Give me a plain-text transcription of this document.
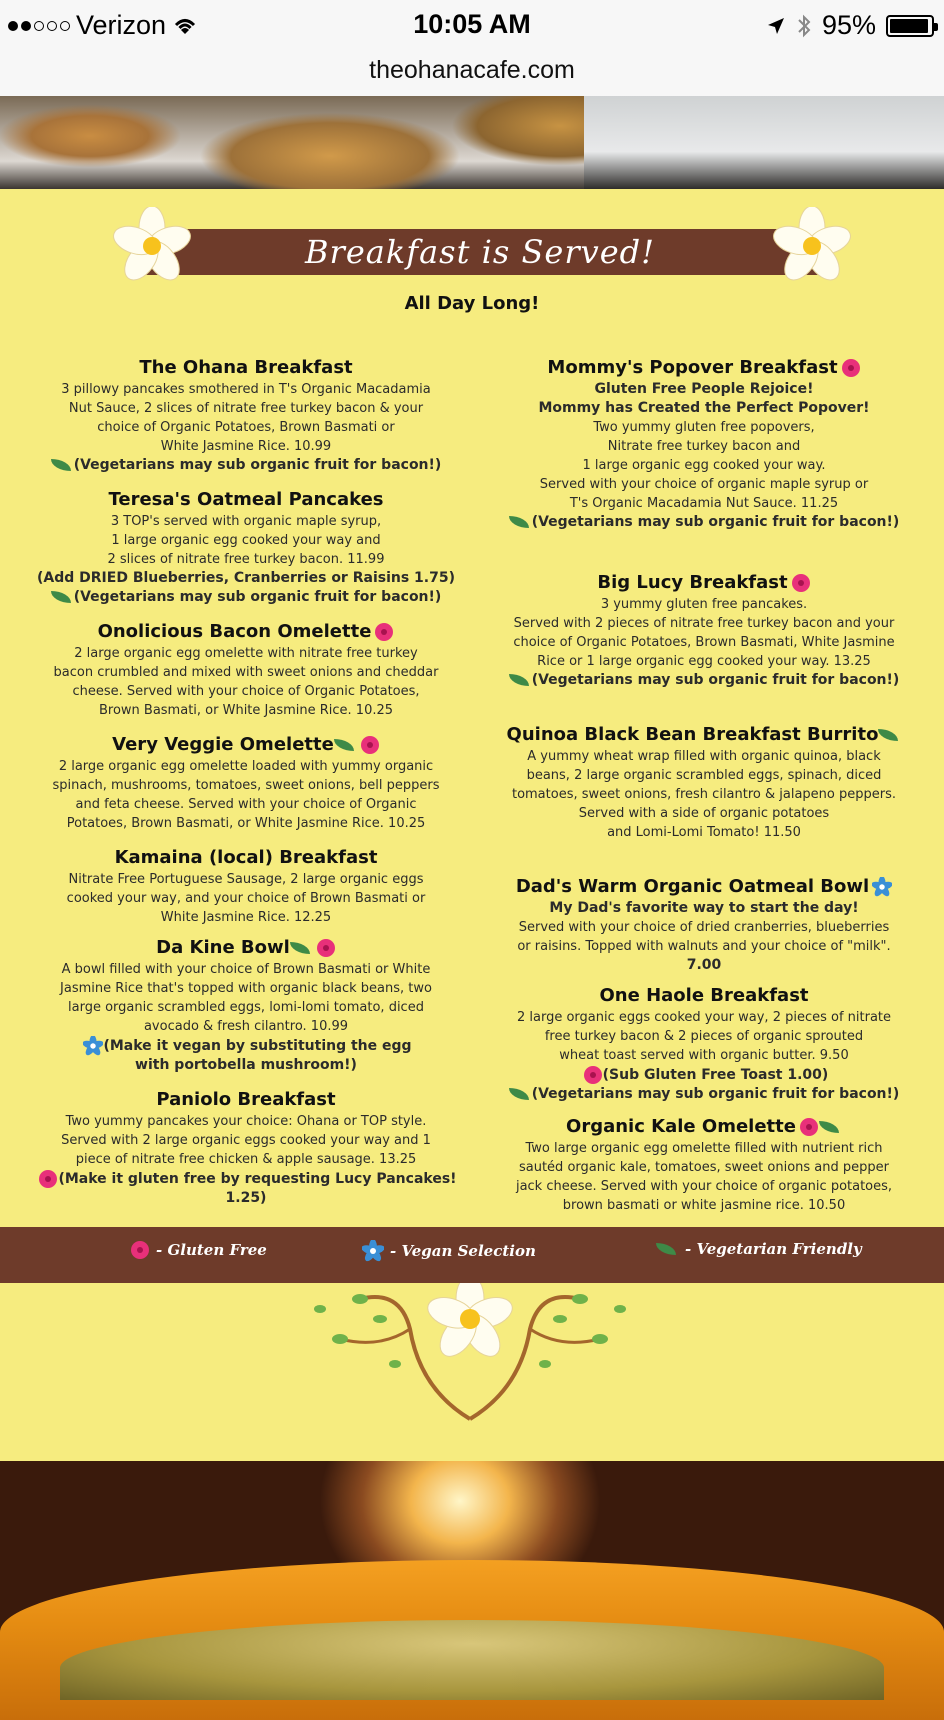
Verizon	10:05 AM	95%
theohanacafe.com
Breakfast is Served!
All Day Long!
The Ohana Breakfast
3 pillowy pancakes smothered in T's Organic Macadamia
Nut Sauce, 2 slices of nitrate free turkey bacon & your
choice of Organic Potatoes, Brown Basmati or
White Jasmine Rice. 10.99
(Vegetarians may sub organic fruit for bacon!)
Teresa's Oatmeal Pancakes
3 TOP's served with organic maple syrup,
1 large organic egg cooked your way and
2 slices of nitrate free turkey bacon. 11.99
(Add DRIED Blueberries, Cranberries or Raisins 1.75)
(Vegetarians may sub organic fruit for bacon!)
Onolicious Bacon Omelette
2 large organic egg omelette with nitrate free turkey
bacon crumbled and mixed with sweet onions and cheddar
cheese. Served with your choice of Organic Potatoes,
Brown Basmati, or White Jasmine Rice. 10.25
Very Veggie Omelette
2 large organic egg omelette loaded with yummy organic
spinach, mushrooms, tomatoes, sweet onions, bell peppers
and feta cheese. Served with your choice of Organic
Potatoes, Brown Basmati, or White Jasmine Rice. 10.25
Kamaina (local) Breakfast
Nitrate Free Portuguese Sausage, 2 large organic eggs
cooked your way, and your choice of Brown Basmati or
White Jasmine Rice. 12.25
Da Kine Bowl
A bowl filled with your choice of Brown Basmati or White
Jasmine Rice that's topped with organic black beans, two
large organic scrambled eggs, lomi-lomi tomato, diced
avocado & fresh cilantro. 10.99
(Make it vegan by substituting the egg
with portobella mushroom!)
Paniolo Breakfast
Two yummy pancakes your choice: Ohana or TOP style.
Served with 2 large organic eggs cooked your way and 1
piece of nitrate free chicken & apple sausage. 13.25
(Make it gluten free by requesting Lucy Pancakes! 1.25)
Mommy's Popover Breakfast
Gluten Free People Rejoice!
Mommy has Created the Perfect Popover!
Two yummy gluten free popovers,
Nitrate free turkey bacon and
1 large organic egg cooked your way.
Served with your choice of organic maple syrup or
T's Organic Macadamia Nut Sauce. 11.25
(Vegetarians may sub organic fruit for bacon!)
Big Lucy Breakfast
3 yummy gluten free pancakes.
Served with 2 pieces of nitrate free turkey bacon and your
choice of Organic Potatoes, Brown Basmati, White Jasmine
Rice or 1 large organic egg cooked your way. 13.25
(Vegetarians may sub organic fruit for bacon!)
Quinoa Black Bean Breakfast Burrito
A yummy wheat wrap filled with organic quinoa, black
beans, 2 large organic scrambled eggs, spinach, diced
tomatoes, sweet onions, fresh cilantro & jalapeno peppers.
Served with a side of organic potatoes
and Lomi-Lomi Tomato! 11.50
Dad's Warm Organic Oatmeal Bowl
My Dad's favorite way to start the day!
Served with your choice of dried cranberries, blueberries
or raisins. Topped with walnuts and your choice of "milk".
7.00
One Haole Breakfast
2 large organic eggs cooked your way, 2 pieces of nitrate
free turkey bacon & 2 pieces of organic sprouted
wheat toast served with organic butter. 9.50
(Sub Gluten Free Toast 1.00)
(Vegetarians may sub organic fruit for bacon!)
Organic Kale Omelette
Two large organic egg omelette filled with nutrient rich
sautéd organic kale, tomatoes, sweet onions and pepper
jack cheese. Served with your choice of organic potatoes,
brown basmati or white jasmine rice. 10.50
- Gluten Free	- Vegan Selection	- Vegetarian Friendly
